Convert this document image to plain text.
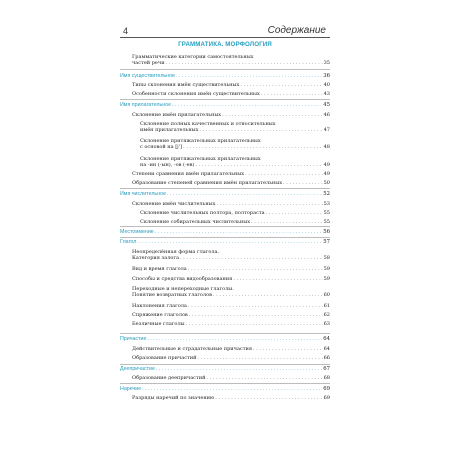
4	Содержание
ГРАММАТИКА. МОРФОЛОГИЯ
Грамматические категории самостоятельных
частей речи . . .	35
Имя существительное . . .	36
Типы склонения имён существительных . . .	40
Особенности склонения имён существительных . . .	43
Имя прилагательное . . .	45
Склонение имён прилагательных . . .	46
Склонение полных качественных и относительных
имён прилагательных . . .	47
Склонение притяжательных прилагательных
с основой на [j'] . . .	48
Склонение притяжательных прилагательных
на -ин (-ын), -ов (-ев) . . .	49
Степени сравнения имён прилагательных . . .	49
Образование степеней сравнения имён прилагательных . . .	50
Имя числительное . . .	52
Склонение имён числительных . . .	53
Склонение числительных полтора, полтораста . . .	55
Склонение собирательных числительных . . .	55
Местоимение . . .	56
Глагол . . .	57
Неопределённая форма глагола.
Категория залога . . .	58
Вид и время глагола . . .	59
Способы и средства видообразования . . .	59
Переходные и непереходные глаголы.
Понятие возвратных глаголов . . .	60
Наклонения глагола . . .	61
Спряжение глаголов . . .	62
Безличные глаголы . . .	63
Причастие . . .	64
Действительные и страдательные причастия . . .	64
Образование причастий . . .	66
Деепричастие . . .	67
Образование деепричастий . . .	68
Наречие . . .	69
Разряды наречий по значению . . .	69
